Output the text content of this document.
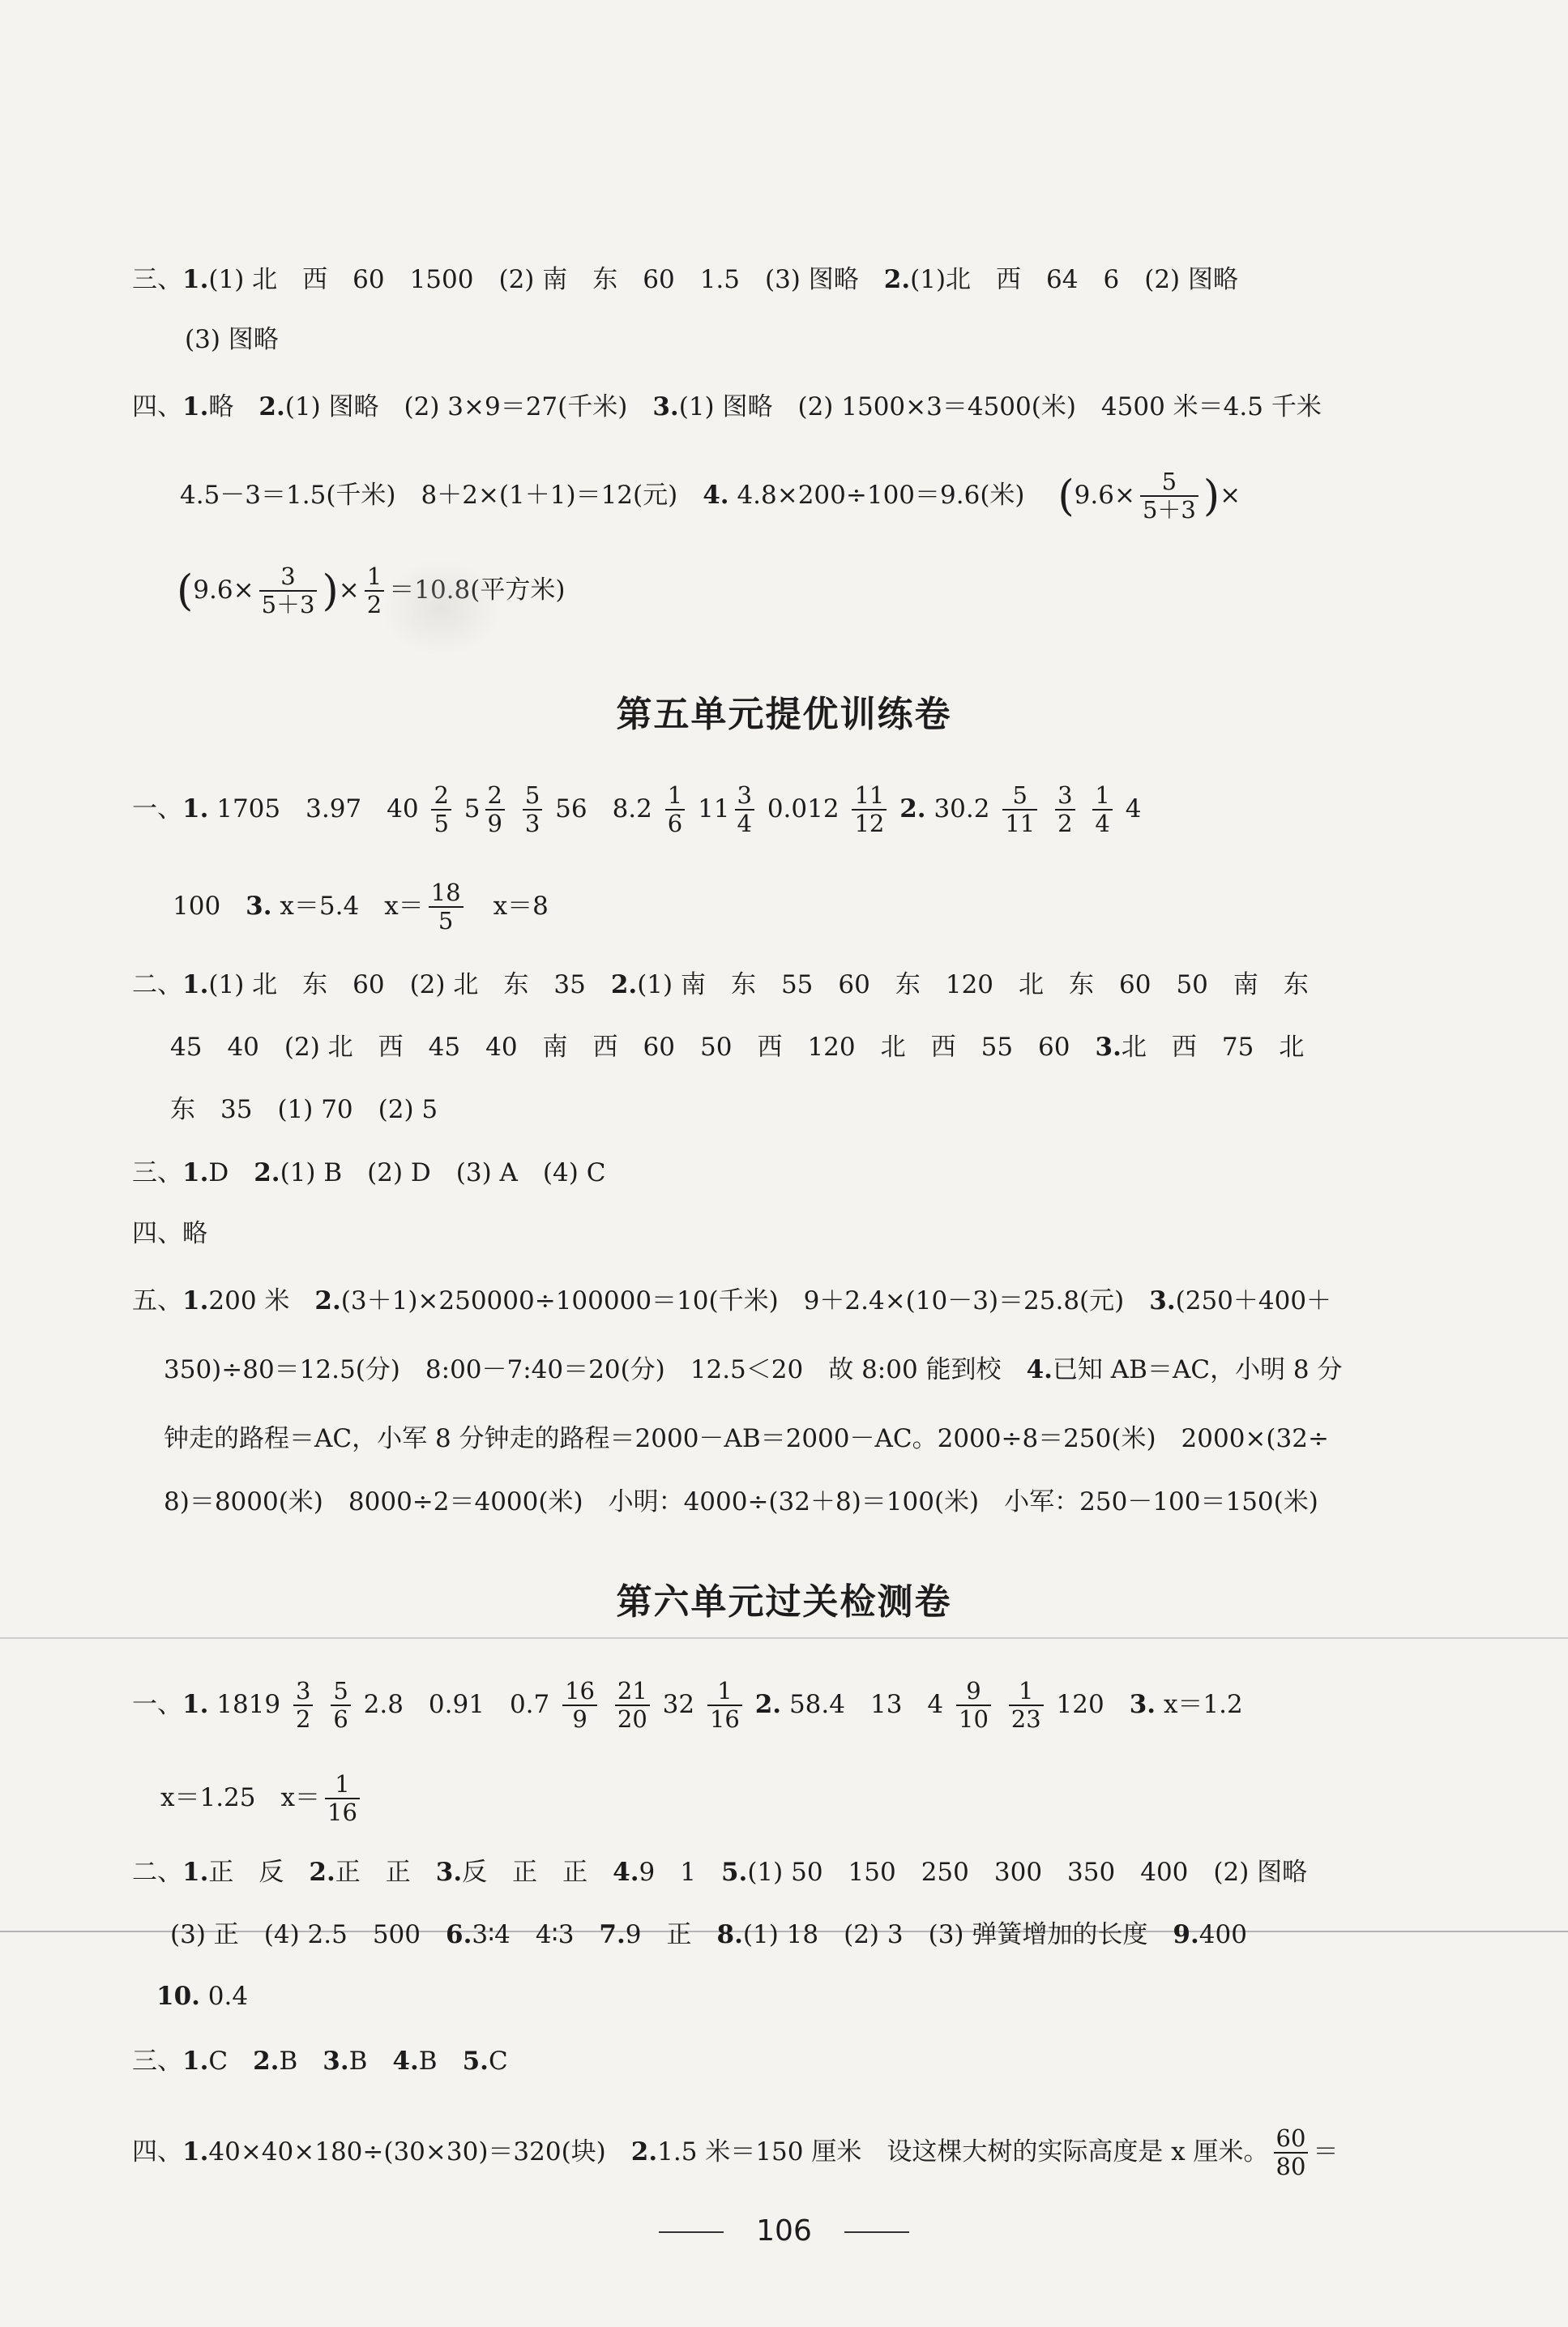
三、1.(1) 北　西　60　1500　(2) 南　东　60　1.5　(3) 图略　2.(1)北　西　64　6　(2) 图略
(3) 图略
四、1.略　2.(1) 图略　(2) 3×9＝27(千米)　3.(1) 图略　(2) 1500×3＝4500(米)　4500 米＝4.5 千米
4.5－3＝1.5(千米)　8＋2×(1＋1)＝12(元)　4. 4.8×200÷100＝9.6(米)　 ($9.6\times \frac{5}{5+3}$ )×
($9.6\times \frac{3}{5+3}$ )× $\frac{1}{2} =10.8$(平方米)
第五单元提优训练卷
一、1. 1705　3.97　$40 \frac{2}{5} 5 \frac{2}{9}$
$\frac{5}{3} 56$　$8.2 \frac{1}{6} 11 \frac{3}{4} 0.012 \frac{11}{12} 2$. $30.2 \frac{5}{11}$
$\frac{3}{2}$
$\frac{1}{4} 4$
100　3. x＝5.4　$x= \frac{18}{5}$ 　x＝8
二、1.(1) 北　东　60　(2) 北　东　35　2.(1) 南　东　55　60　东　120　北　东　60　50　南　东
45　40　(2) 北　西　45　40　南　西　60　50　西　120　北　西　55　60　3.北　西　75　北
东　35　(1) 70　(2) 5
三、1.D　2.(1) B　(2) D　(3) A　(4) C
四、略
五、1.200 米　2.(3＋1)×250000÷100000＝10(千米)　9＋2.4×(10－3)＝25.8(元)　3.(250＋400＋
350)÷80＝12.5(分)　8:00－7:40＝20(分)　12.5＜20　故 8:00 能到校　4.已知 AB＝AC，小明 8 分
钟走的路程＝AC，小军 8 分钟走的路程＝2000－AB＝2000－AC。2000÷8＝250(米)　2000×(32÷
8)＝8000(米)　8000÷2＝4000(米)　小明：4000÷(32＋8)＝100(米)　小军：250－100＝150(米)
第六单元过关检测卷
一、1. $1819 \frac{3}{2}$
$\frac{5}{6} 2.8$　0.91　$0.7 \frac{16}{9}$
$\frac{21}{20} 32 \frac{1}{16} 2$. 58.4　13　$4 \frac{9}{10}$
$\frac{1}{23} 120$　3. x＝1.2
x＝1.25　$x= \frac{1}{16}$
二、1.正　反　2.正　正　3.反　正　正　4.9　1　5.(1) 50　150　250　300　350　400　(2) 图略
(3) 正　(4) 2.5　500　6.3∶4　4∶3　7.9　正　8.(1) 18　(2) 3　(3) 弹簧增加的长度　9.400
10. 0.4
三、1.C　2.B　3.B　4.B　5.C
四、1.40×40×180÷(30×30)＝320(块)　2.1.5 米＝150 厘米　设这棵大树的实际高度是 x 厘米。 $\frac{60}{80}$ ＝
106
